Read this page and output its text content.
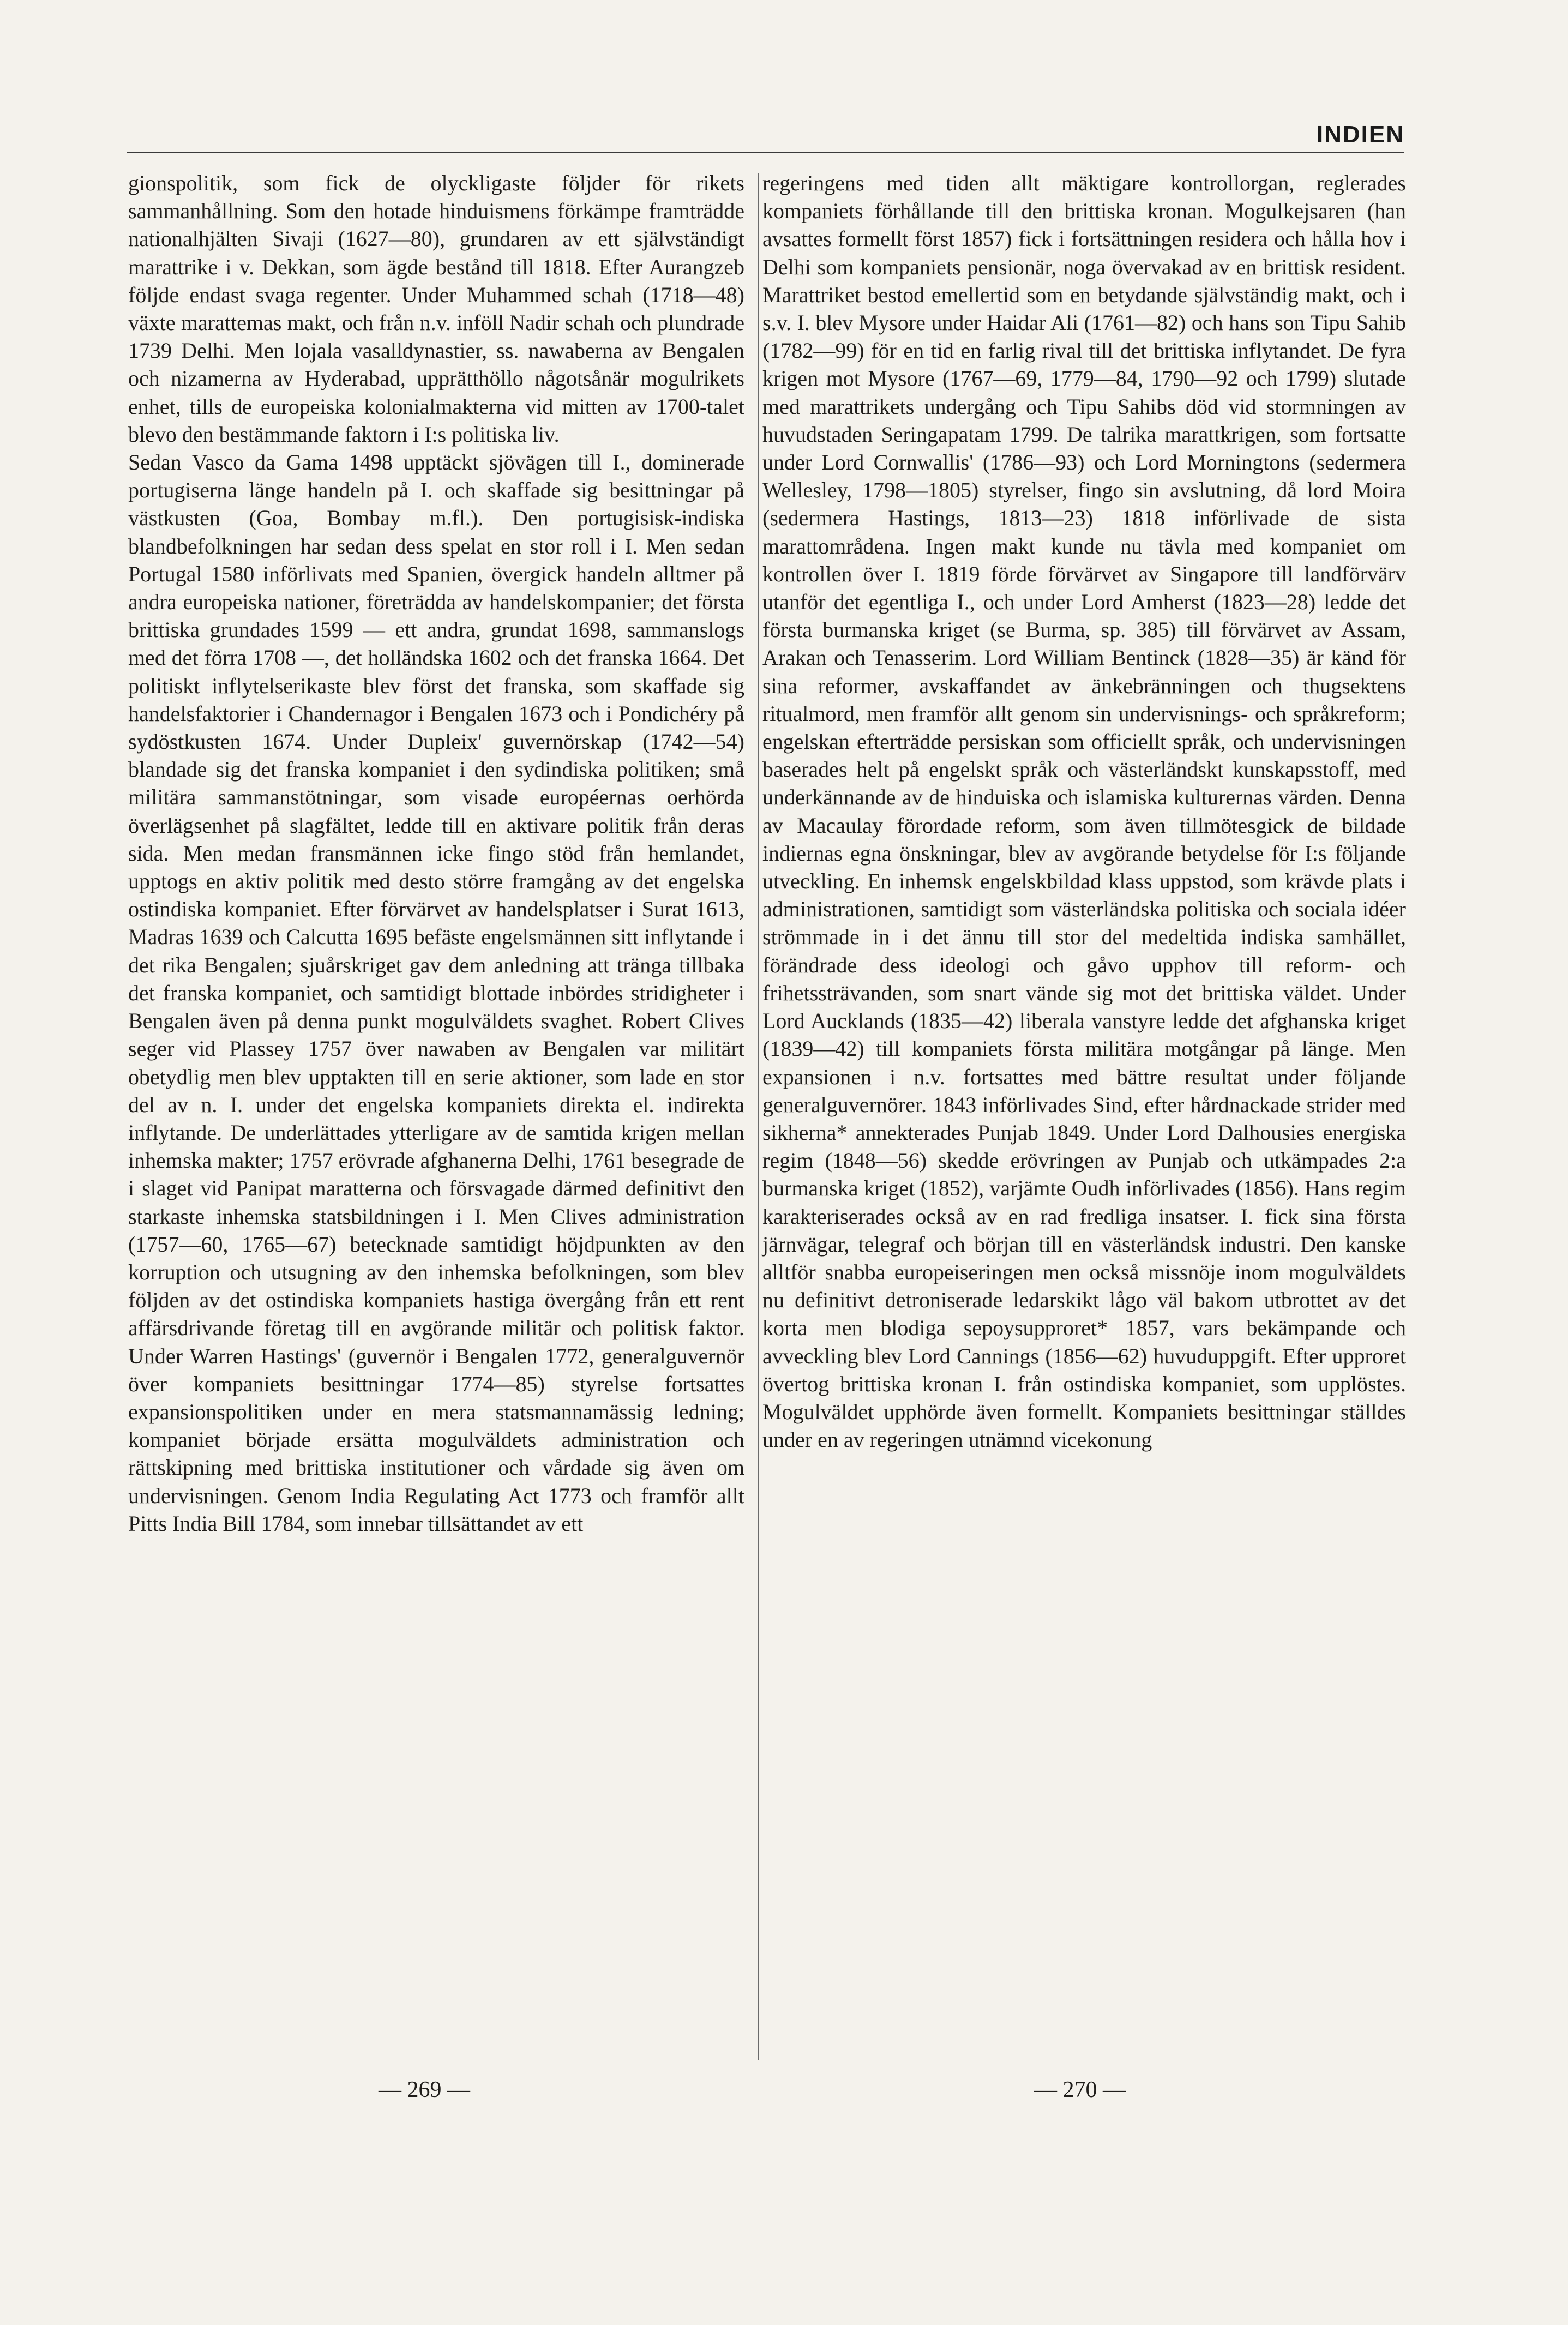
INDIEN

gionspolitik, som fick de olyckligaste följder för rikets sammanhållning. Som den hotade hinduismens förkämpe framträdde nationalhjälten Sivaji (1627—80), grundaren av ett självständigt marattrike i v. Dekkan, som ägde bestånd till 1818. Efter Aurangzeb följde endast svaga regenter. Under Muhammed schah (1718—48) växte marattemas makt, och från n.v. inföll Nadir schah och plundrade 1739 Delhi. Men lojala vasalldynastier, ss. nawaberna av Bengalen och nizamerna av Hyderabad, upprätthöllo någotsånär mogulrikets enhet, tills de europeiska kolonialmakterna vid mitten av 1700-talet blevo den bestämmande faktorn i I:s politiska liv.

Sedan Vasco da Gama 1498 upptäckt sjövägen till I., dominerade portugiserna länge handeln på I. och skaffade sig besittningar på västkusten (Goa, Bombay m.fl.). Den portugisisk-indiska blandbefolkningen har sedan dess spelat en stor roll i I. Men sedan Portugal 1580 införlivats med Spanien, övergick handeln alltmer på andra europeiska nationer, företrädda av handelskompanier; det första brittiska grundades 1599 — ett andra, grundat 1698, sammanslogs med det förra 1708 —, det holländska 1602 och det franska 1664. Det politiskt inflytelserikaste blev först det franska, som skaffade sig handelsfaktorier i Chandernagor i Bengalen 1673 och i Pondichéry på sydöstkusten 1674. Under Dupleix' guvernörskap (1742—54) blandade sig det franska kompaniet i den sydindiska politiken; små militära sammanstötningar, som visade européernas oerhörda överlägsenhet på slagfältet, ledde till en aktivare politik från deras sida. Men medan fransmännen icke fingo stöd från hemlandet, upptogs en aktiv politik med desto större framgång av det engelska ostindiska kompaniet. Efter förvärvet av handelsplatser i Surat 1613, Madras 1639 och Calcutta 1695 befäste engelsmännen sitt inflytande i det rika Bengalen; sjuårskriget gav dem anledning att tränga tillbaka det franska kompaniet, och samtidigt blottade inbördes stridigheter i Bengalen även på denna punkt mogulväldets svaghet. Robert Clives seger vid Plassey 1757 över nawaben av Bengalen var militärt obetydlig men blev upptakten till en serie aktioner, som lade en stor del av n. I. under det engelska kompaniets direkta el. indirekta inflytande. De underlättades ytterligare av de samtida krigen mellan inhemska makter; 1757 erövrade afghanerna Delhi, 1761 besegrade de i slaget vid Panipat maratterna och försvagade därmed definitivt den starkaste inhemska statsbildningen i I. Men Clives administration (1757—60, 1765—67) betecknade samtidigt höjdpunkten av den korruption och utsugning av den inhemska befolkningen, som blev följden av det ostindiska kompaniets hastiga övergång från ett rent affärsdrivande företag till en avgörande militär och politisk faktor. Under Warren Hastings' (guvernör i Bengalen 1772, generalguvernör över kompaniets besittningar 1774—85) styrelse fortsattes expansionspolitiken under en mera statsmannamässig ledning; kompaniet började ersätta mogulväldets administration och rättskipning med brittiska institutioner och vårdade sig även om undervisningen. Genom India Regulating Act 1773 och framför allt Pitts India Bill 1784, som innebar tillsättandet av ett

regeringens med tiden allt mäktigare kontrollorgan, reglerades kompaniets förhållande till den brittiska kronan. Mogulkejsaren (han avsattes formellt först 1857) fick i fortsättningen residera och hålla hov i Delhi som kompaniets pensionär, noga övervakad av en brittisk resident. Marattriket bestod emellertid som en betydande självständig makt, och i s.v. I. blev Mysore under Haidar Ali (1761—82) och hans son Tipu Sahib (1782—99) för en tid en farlig rival till det brittiska inflytandet. De fyra krigen mot Mysore (1767—69, 1779—84, 1790—92 och 1799) slutade med marattrikets undergång och Tipu Sahibs död vid stormningen av huvudstaden Seringapatam 1799. De talrika marattkrigen, som fortsatte under Lord Cornwallis' (1786—93) och Lord Morningtons (sedermera Wellesley, 1798—1805) styrelser, fingo sin avslutning, då lord Moira (sedermera Hastings, 1813—23) 1818 införlivade de sista marattområdena. Ingen makt kunde nu tävla med kompaniet om kontrollen över I. 1819 förde förvärvet av Singapore till landförvärv utanför det egentliga I., och under Lord Amherst (1823—28) ledde det första burmanska kriget (se Burma, sp. 385) till förvärvet av Assam, Arakan och Tenasserim. Lord William Bentinck (1828—35) är känd för sina reformer, avskaffandet av änkebränningen och thugsektens ritualmord, men framför allt genom sin undervisnings- och språkreform; engelskan efterträdde persiskan som officiellt språk, och undervisningen baserades helt på engelskt språk och västerländskt kunskapsstoff, med underkännande av de hinduiska och islamiska kulturernas värden. Denna av Macaulay förordade reform, som även tillmötesgick de bildade indiernas egna önskningar, blev av avgörande betydelse för I:s följande utveckling. En inhemsk engelskbildad klass uppstod, som krävde plats i administrationen, samtidigt som västerländska politiska och sociala idéer strömmade in i det ännu till stor del medeltida indiska samhället, förändrade dess ideologi och gåvo upphov till reform- och frihetssträvanden, som snart vände sig mot det brittiska väldet. Under Lord Aucklands (1835—42) liberala vanstyre ledde det afghanska kriget (1839—42) till kompaniets första militära motgångar på länge. Men expansionen i n.v. fortsattes med bättre resultat under följande generalguvernörer. 1843 införlivades Sind, efter hårdnackade strider med sikherna* annekterades Punjab 1849. Under Lord Dalhousies energiska regim (1848—56) skedde erövringen av Punjab och utkämpades 2:a burmanska kriget (1852), varjämte Oudh införlivades (1856). Hans regim karakteriserades också av en rad fredliga insatser. I. fick sina första järnvägar, telegraf och början till en västerländsk industri. Den kanske alltför snabba europeiseringen men också missnöje inom mogulväldets nu definitivt detroniserade ledarskikt lågo väl bakom utbrottet av det korta men blodiga sepoysupproret* 1857, vars bekämpande och avveckling blev Lord Cannings (1856—62) huvuduppgift. Efter upproret övertog brittiska kronan I. från ostindiska kompaniet, som upplöstes. Mogulväldet upphörde även formellt. Kompaniets besittningar ställdes under en av regeringen utnämnd vicekonung

— 269 —	— 270 —
